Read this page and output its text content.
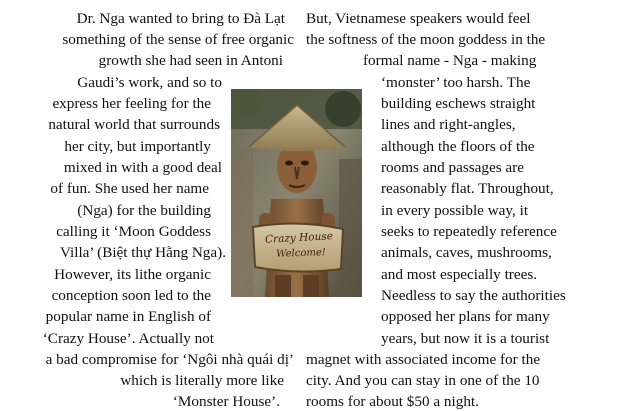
Dr. Nga wanted to bring to Đà Lạt
something of the sense of free organic
growth she had seen in Antoni
Gaudi’s work, and so to
express her feeling for the
natural world that surrounds
her city, but importantly
mixed in with a good deal
of fun. She used her name
(Nga) for the building
calling it ‘Moon Goddess
Villa’ (Biệt thự Hằng Nga).
However, its lithe organic
conception soon led to the
popular name in English of
‘Crazy House’. Actually not
a bad compromise for ‘Ngôi nhà quái dị’
which is literally more like
‘Monster House’.
But, Vietnamese speakers would feel
the softness of the moon goddess in the
formal name - Nga - making
‘monster’ too harsh. The
building eschews straight
lines and right-angles,
although the floors of the
rooms and passages are
reasonably flat. Throughout,
in every possible way, it
seeks to repeatedly reference
animals, caves, mushrooms,
and most especially trees.
Needless to say the authorities
opposed her plans for many
years, but now it is a tourist
magnet with associated income for the
city. And you can stay in one of the 10
rooms for about $50 a night.
Crazy House
Welcome!
